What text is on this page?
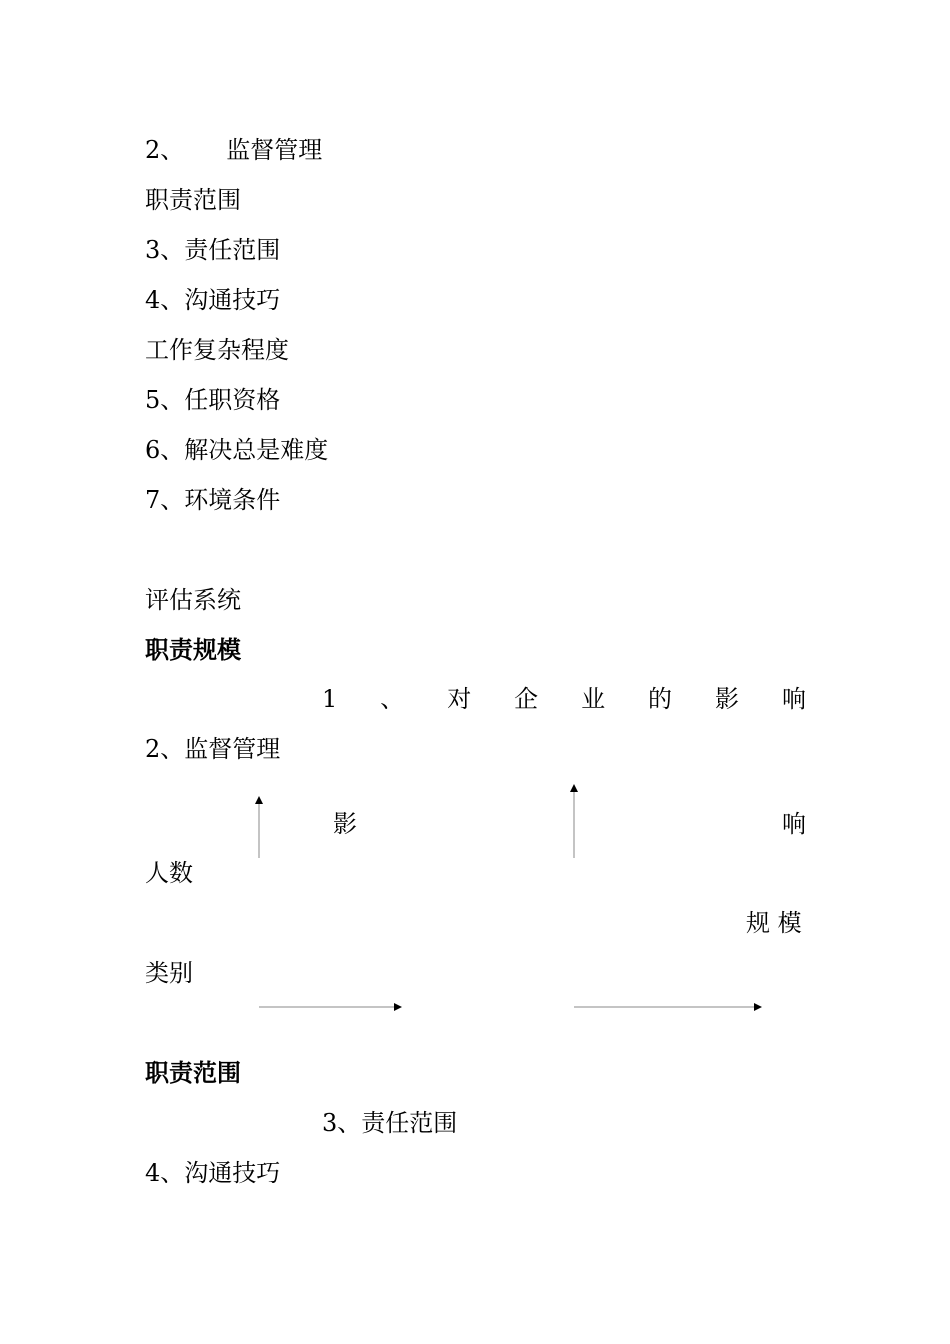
2、 监督管理
职责范围
3、责任范围
4、沟通技巧
工作复杂程度
5、任职资格
6、解决总是难度
7、环境条件
评估系统
职责规模
1 、 对 企 业 的 影 响
2、监督管理
影	响
人数
规 模
类别
职责范围
3、责任范围
4、沟通技巧
